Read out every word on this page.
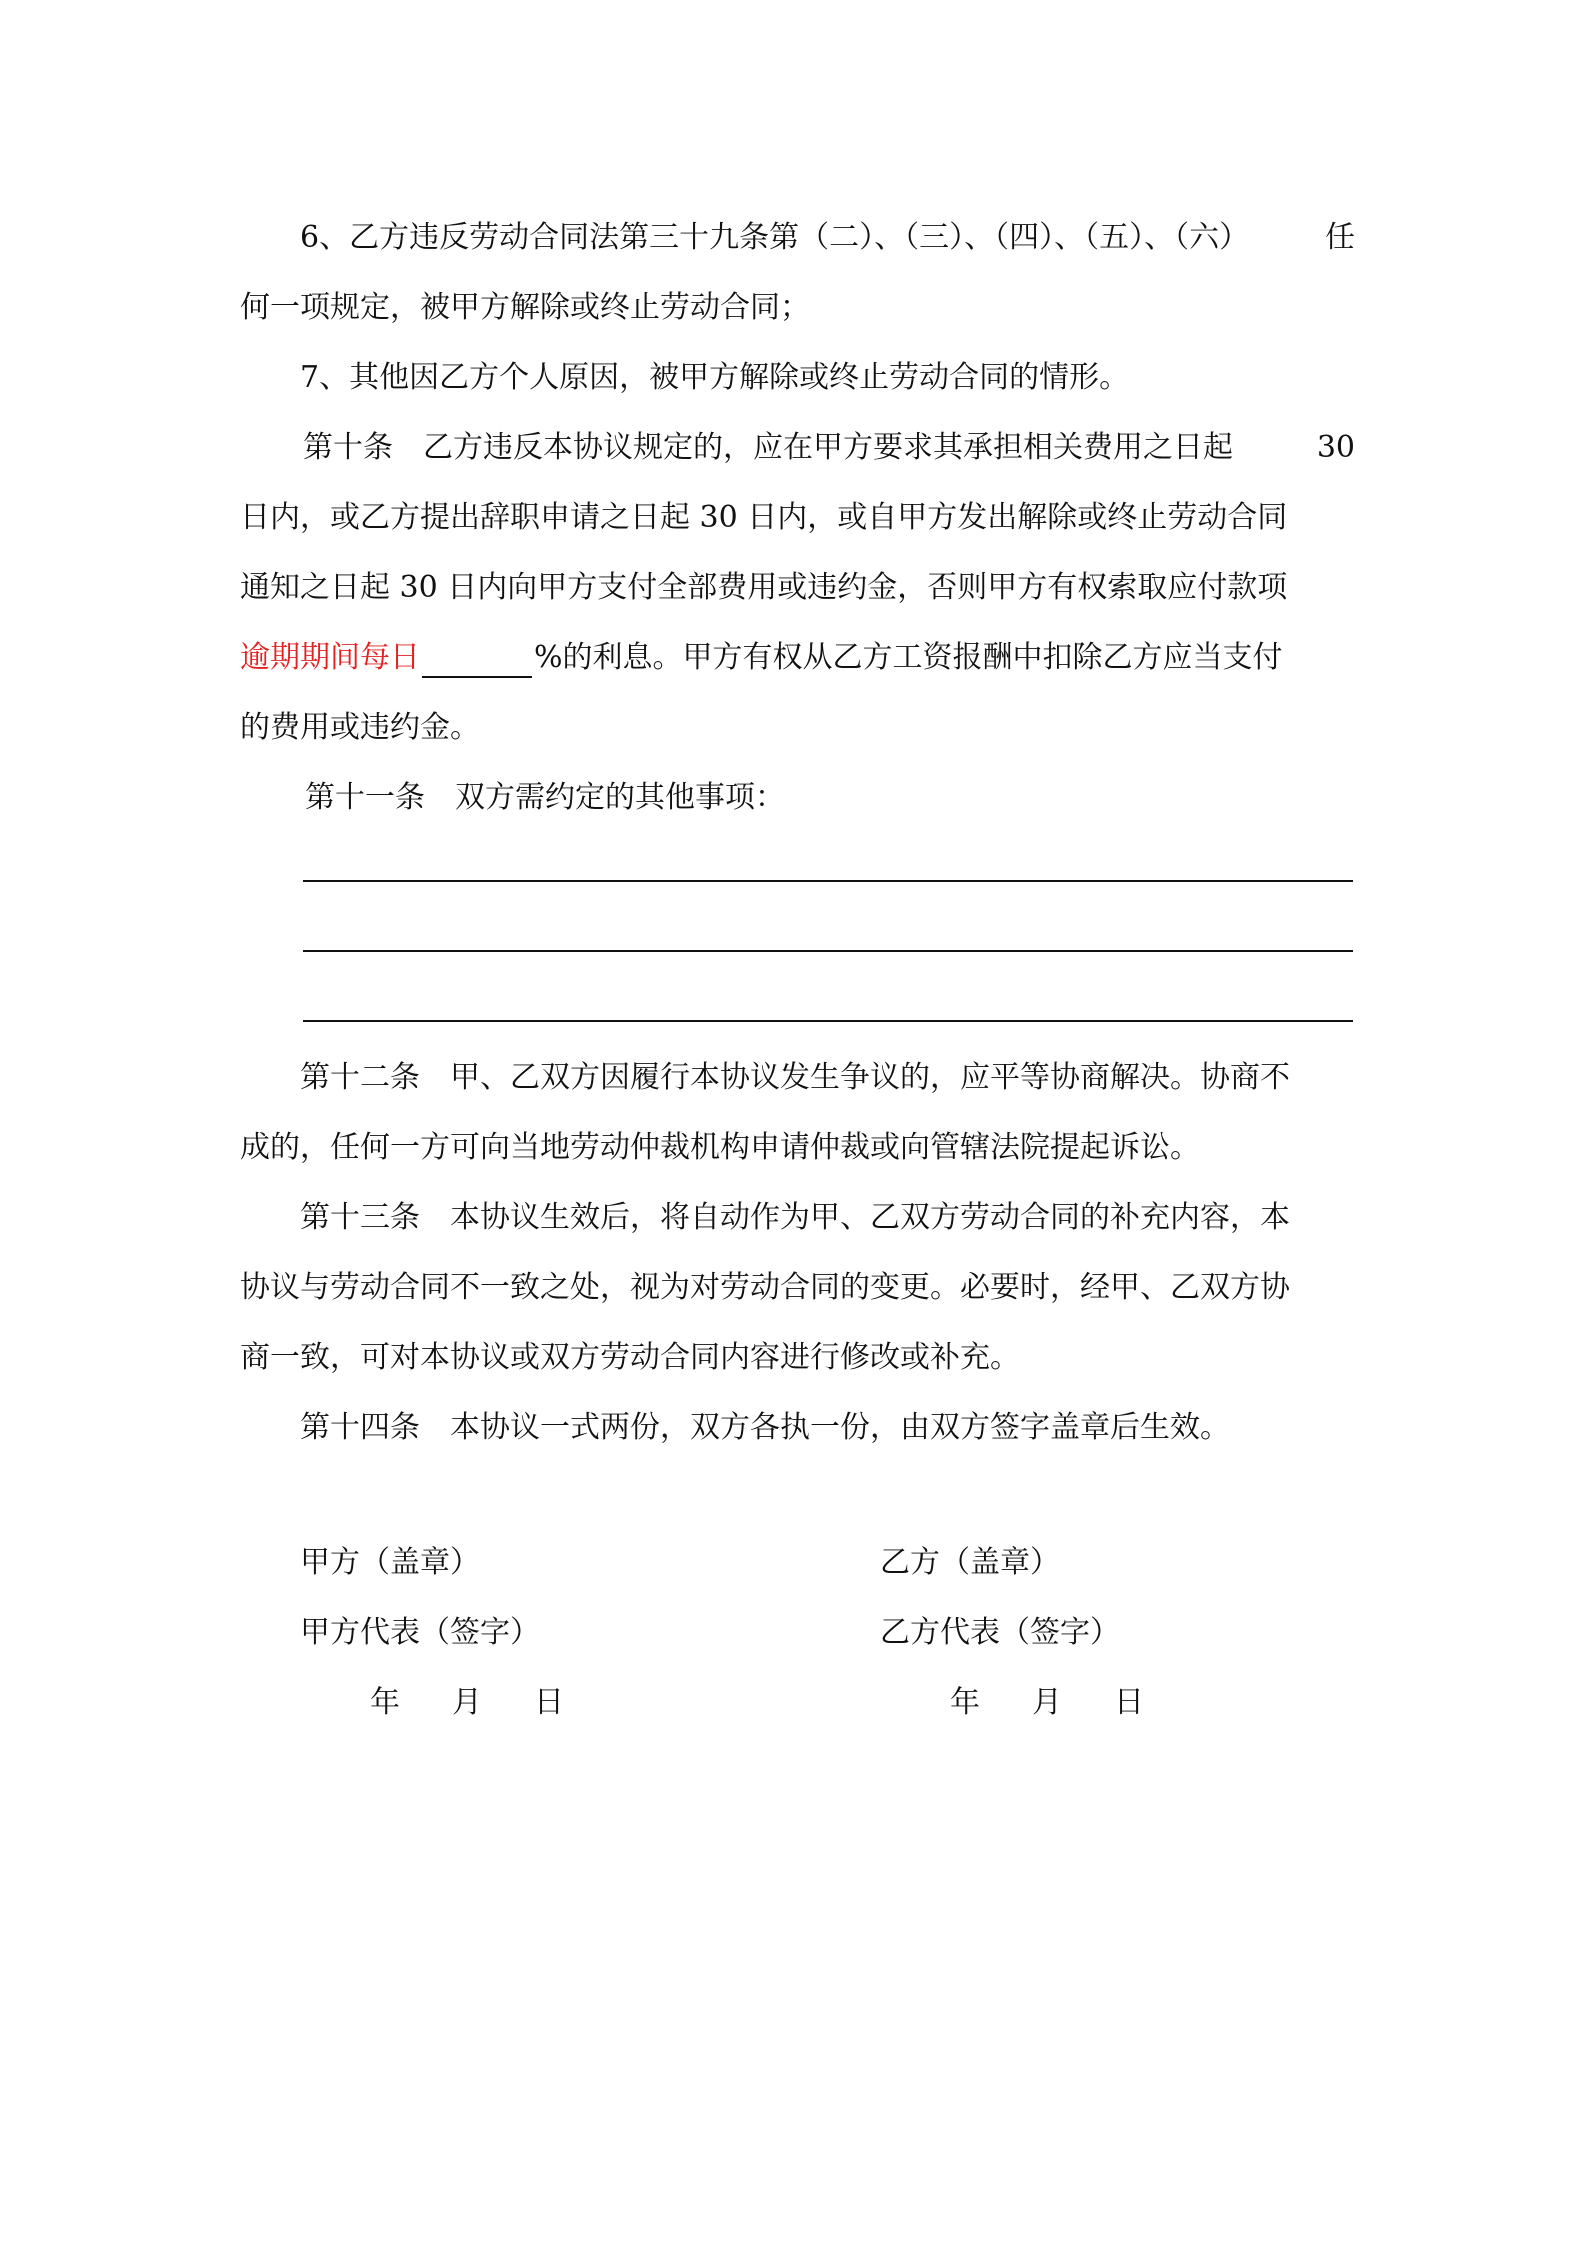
6、乙方违反劳动合同法第三十九条第（二）、（三）、（四）、（五）、（六）	任
何一项规定，被甲方解除或终止劳动合同；
7、其他因乙方个人原因，被甲方解除或终止劳动合同的情形。
第十条　乙方违反本协议规定的，应在甲方要求其承担相关费用之日起	30
日内，或乙方提出辞职申请之日起 30 日内，或自甲方发出解除或终止劳动合同
通知之日起 30 日内向甲方支付全部费用或违约金，否则甲方有权索取应付款项
逾期期间每日	%的利息。甲方有权从乙方工资报酬中扣除乙方应当支付
的费用或违约金。
第十一条　双方需约定的其他事项：
第十二条　甲、乙双方因履行本协议发生争议的，应平等协商解决。协商不
成的，任何一方可向当地劳动仲裁机构申请仲裁或向管辖法院提起诉讼。
第十三条　本协议生效后，将自动作为甲、乙双方劳动合同的补充内容，本
协议与劳动合同不一致之处，视为对劳动合同的变更。必要时，经甲、乙双方协
商一致，可对本协议或双方劳动合同内容进行修改或补充。
第十四条　本协议一式两份，双方各执一份，由双方签字盖章后生效。
甲方（盖章）	乙方（盖章）
甲方代表（签字）	乙方代表（签字）
年 月 日	年 月 日
